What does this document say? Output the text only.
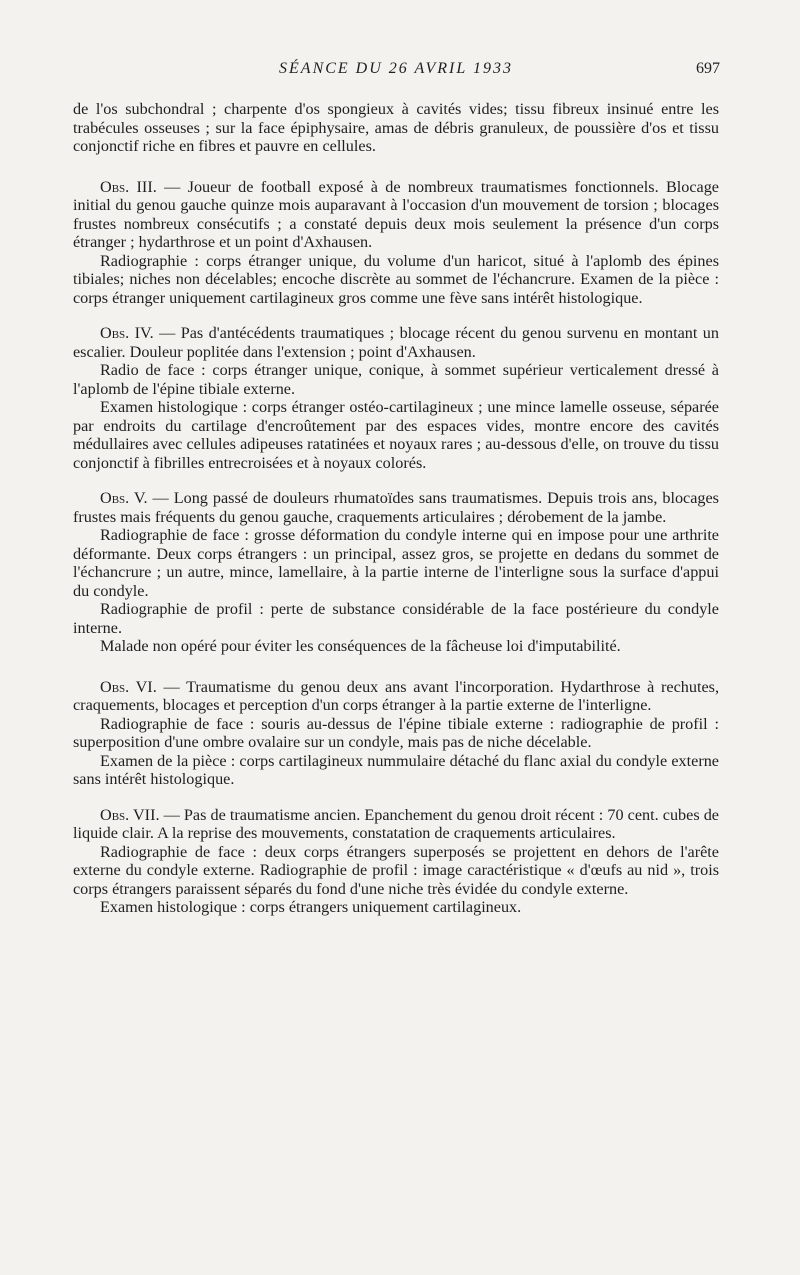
SÉANCE DU 26 AVRIL 1933	697

de l'os subchondral ; charpente d'os spongieux à cavités vides; tissu fibreux insinué entre les trabécules osseuses ; sur la face épiphysaire, amas de débris granuleux, de poussière d'os et tissu conjonctif riche en fibres et pauvre en cellules.

Obs. III. — Joueur de football exposé à de nombreux traumatismes fonctionnels. Blocage initial du genou gauche quinze mois auparavant à l'occasion d'un mouvement de torsion ; blocages frustes nombreux consécutifs ; a constaté depuis deux mois seulement la présence d'un corps étranger ; hydarthrose et un point d'Axhausen.

Radiographie : corps étranger unique, du volume d'un haricot, situé à l'aplomb des épines tibiales; niches non décelables; encoche discrète au sommet de l'échancrure. Examen de la pièce : corps étranger uniquement cartilagineux gros comme une fève sans intérêt histologique.

Obs. IV. — Pas d'antécédents traumatiques ; blocage récent du genou survenu en montant un escalier. Douleur poplitée dans l'extension ; point d'Axhausen.

Radio de face : corps étranger unique, conique, à sommet supérieur verticalement dressé à l'aplomb de l'épine tibiale externe.

Examen histologique : corps étranger ostéo-cartilagineux ; une mince lamelle osseuse, séparée par endroits du cartilage d'encroûtement par des espaces vides, montre encore des cavités médullaires avec cellules adipeuses ratatinées et noyaux rares ; au-dessous d'elle, on trouve du tissu conjonctif à fibrilles entrecroisées et à noyaux colorés.

Obs. V. — Long passé de douleurs rhumatoïdes sans traumatismes. Depuis trois ans, blocages frustes mais fréquents du genou gauche, craquements articulaires ; dérobement de la jambe.

Radiographie de face : grosse déformation du condyle interne qui en impose pour une arthrite déformante. Deux corps étrangers : un principal, assez gros, se projette en dedans du sommet de l'échancrure ; un autre, mince, lamellaire, à la partie interne de l'interligne sous la surface d'appui du condyle.

Radiographie de profil : perte de substance considérable de la face postérieure du condyle interne.

Malade non opéré pour éviter les conséquences de la fâcheuse loi d'imputabilité.

Obs. VI. — Traumatisme du genou deux ans avant l'incorporation. Hydarthrose à rechutes, craquements, blocages et perception d'un corps étranger à la partie externe de l'interligne.

Radiographie de face : souris au-dessus de l'épine tibiale externe : radiographie de profil : superposition d'une ombre ovalaire sur un condyle, mais pas de niche décelable.

Examen de la pièce : corps cartilagineux nummulaire détaché du flanc axial du condyle externe sans intérêt histologique.

Obs. VII. — Pas de traumatisme ancien. Epanchement du genou droit récent : 70 cent. cubes de liquide clair. A la reprise des mouvements, constatation de craquements articulaires.

Radiographie de face : deux corps étrangers superposés se projettent en dehors de l'arête externe du condyle externe. Radiographie de profil : image caractéristique « d'œufs au nid », trois corps étrangers paraissent séparés du fond d'une niche très évidée du condyle externe.

Examen histologique : corps étrangers uniquement cartilagineux.
